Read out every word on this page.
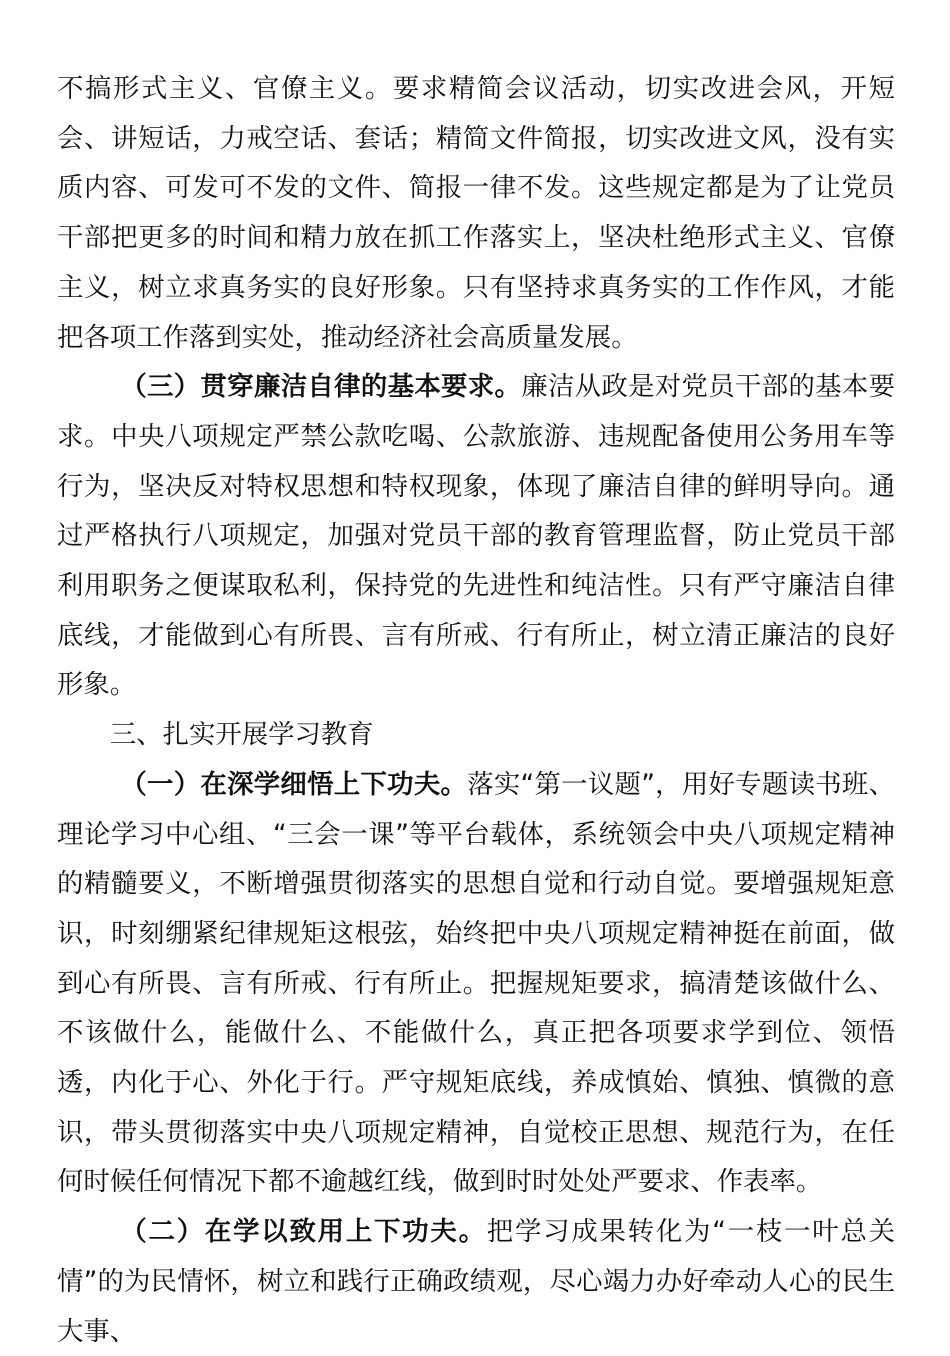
不搞形式主义、官僚主义。要求精简会议活动，切实改进会风，开短会、讲短话，力戒空话、套话；精简文件简报，切实改进文风，没有实质内容、可发可不发的文件、简报一律不发。这些规定都是为了让党员干部把更多的时间和精力放在抓工作落实上，坚决杜绝形式主义、官僚主义，树立求真务实的良好形象。只有坚持求真务实的工作作风，才能把各项工作落到实处，推动经济社会高质量发展。

（三）贯穿廉洁自律的基本要求。廉洁从政是对党员干部的基本要求。中央八项规定严禁公款吃喝、公款旅游、违规配备使用公务用车等行为，坚决反对特权思想和特权现象，体现了廉洁自律的鲜明导向。通过严格执行八项规定，加强对党员干部的教育管理监督，防止党员干部利用职务之便谋取私利，保持党的先进性和纯洁性。只有严守廉洁自律底线，才能做到心有所畏、言有所戒、行有所止，树立清正廉洁的良好形象。

三、扎实开展学习教育

（一）在深学细悟上下功夫。落实“第一议题”，用好专题读书班、理论学习中心组、“三会一课”等平台载体，系统领会中央八项规定精神的精髓要义，不断增强贯彻落实的思想自觉和行动自觉。要增强规矩意识，时刻绷紧纪律规矩这根弦，始终把中央八项规定精神挺在前面，做到心有所畏、言有所戒、行有所止。把握规矩要求，搞清楚该做什么、不该做什么，能做什么、不能做什么，真正把各项要求学到位、领悟透，内化于心、外化于行。严守规矩底线，养成慎始、慎独、慎微的意识，带头贯彻落实中央八项规定精神，自觉校正思想、规范行为，在任何时候任何情况下都不逾越红线，做到时时处处严要求、作表率。

（二）在学以致用上下功夫。把学习成果转化为“一枝一叶总关情”的为民情怀，树立和践行正确政绩观，尽心竭力办好牵动人心的民生大事、
